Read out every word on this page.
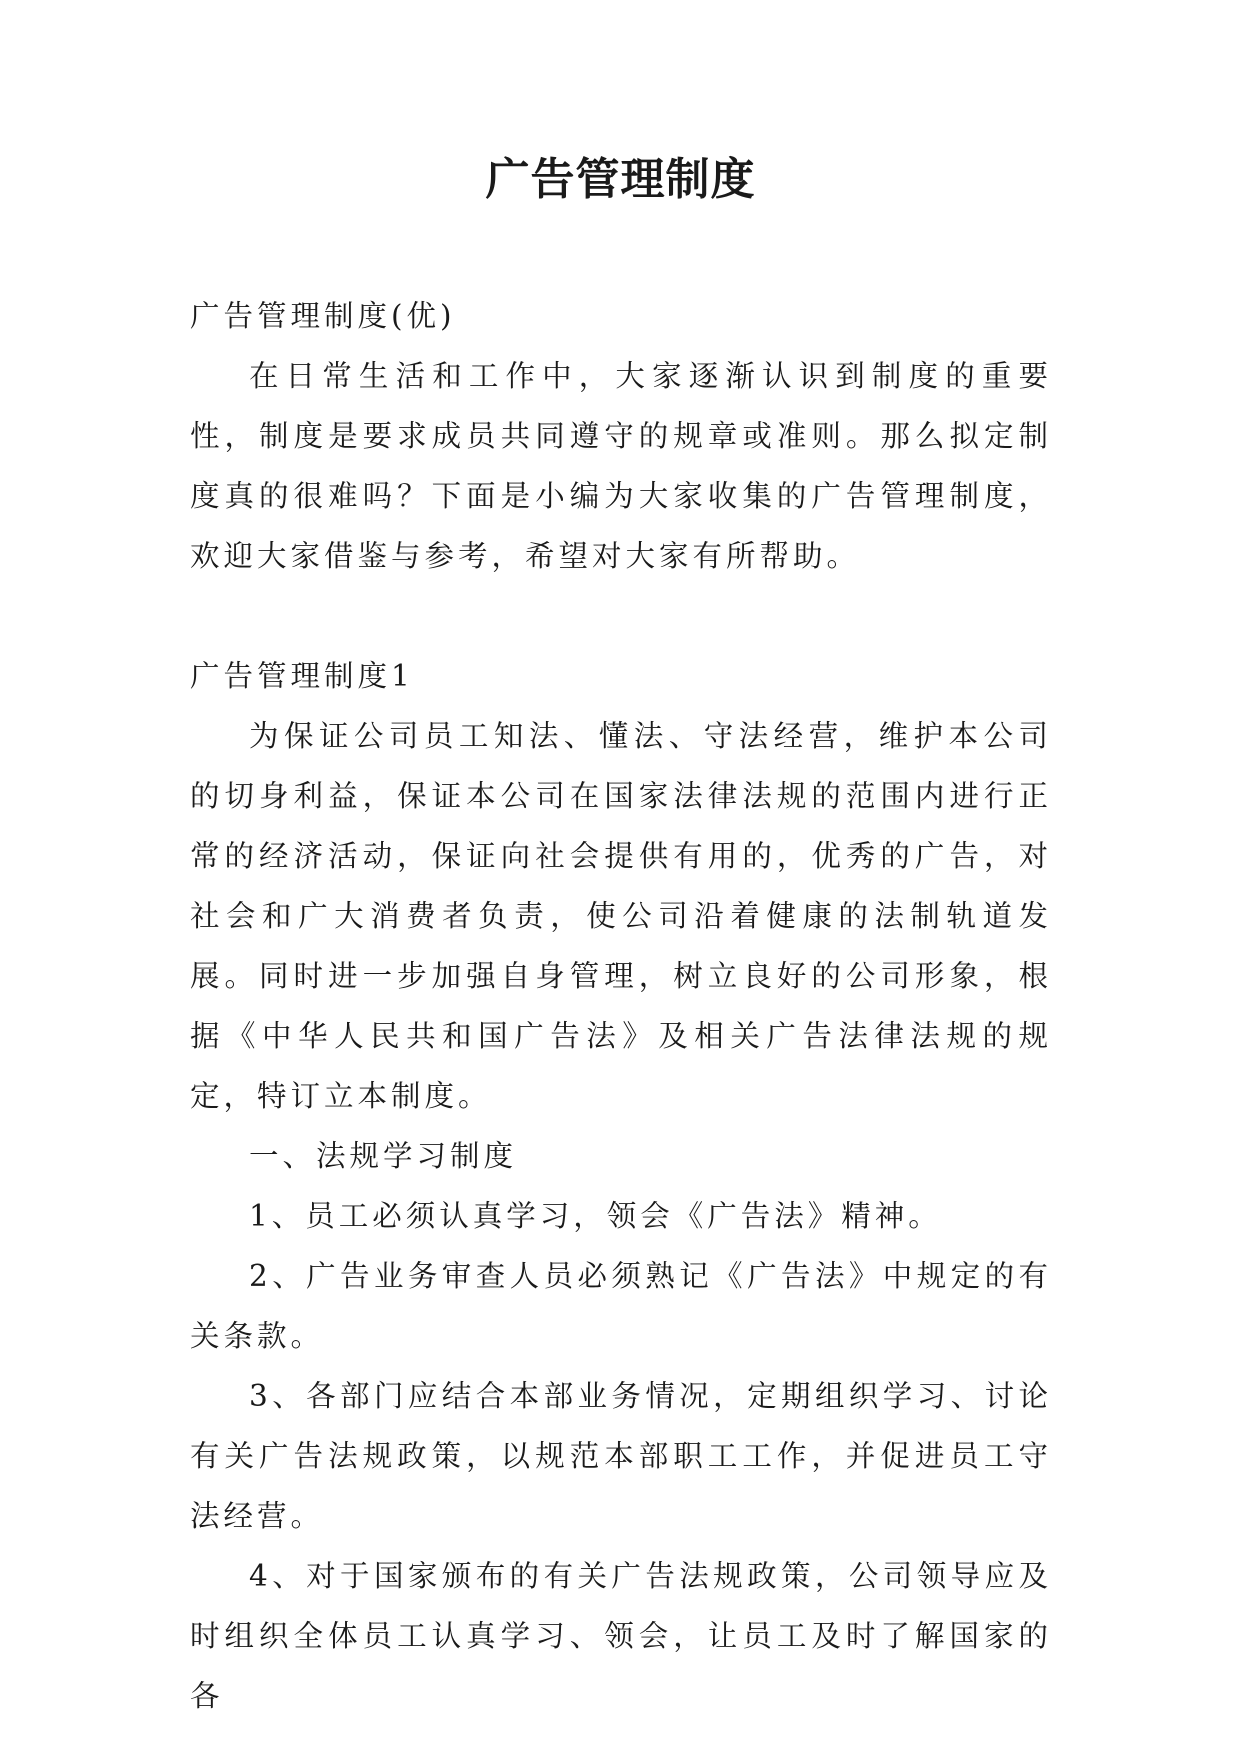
广告管理制度

广告管理制度(优)

在日常生活和工作中，大家逐渐认识到制度的重要性，制度是要求成员共同遵守的规章或准则。那么拟定制度真的很难吗？下面是小编为大家收集的广告管理制度，欢迎大家借鉴与参考，希望对大家有所帮助。

广告管理制度1

为保证公司员工知法、懂法、守法经营，维护本公司的切身利益，保证本公司在国家法律法规的范围内进行正常的经济活动，保证向社会提供有用的，优秀的广告，对社会和广大消费者负责，使公司沿着健康的法制轨道发展。同时进一步加强自身管理，树立良好的公司形象，根据《中华人民共和国广告法》及相关广告法律法规的规定，特订立本制度。

一、法规学习制度

1、员工必须认真学习，领会《广告法》精神。

2、广告业务审查人员必须熟记《广告法》中规定的有关条款。

3、各部门应结合本部业务情况，定期组织学习、讨论有关广告法规政策，以规范本部职工工作，并促进员工守法经营。

4、对于国家颁布的有关广告法规政策，公司领导应及时组织全体员工认真学习、领会，让员工及时了解国家的各
